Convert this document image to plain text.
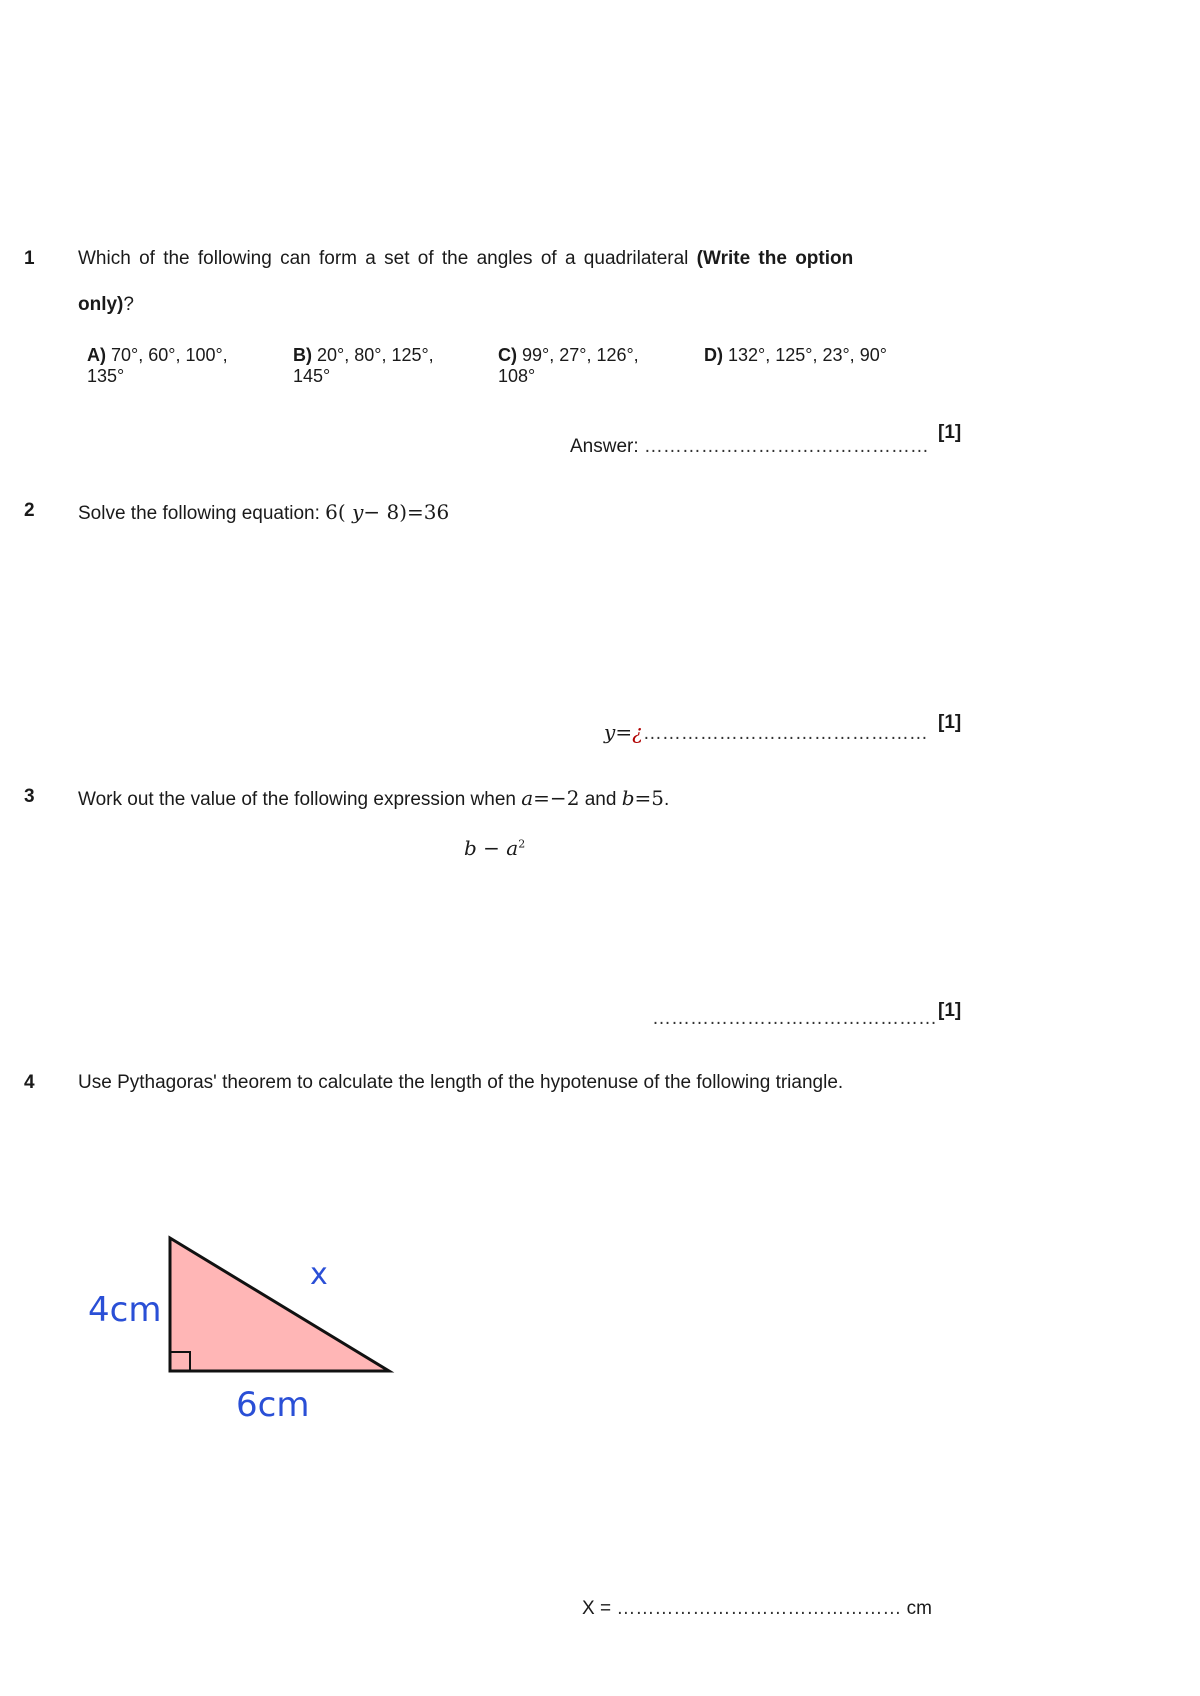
1 Which of the following can form a set of the angles of a quadrilateral (Write the option
only)?
A) 70°, 60°, 100°,
135°
B) 20°, 80°, 125°,
145°
C) 99°, 27°, 126°,
108°
D) 132°, 125°, 23°, 90°
[1]
Answer: ………………………………………
2 Solve the following equation: 6( y− 8)=36
[1]
y=¿………………………………………
3 Work out the value of the following expression when a=−2 and b=5.
$b - a^2$
[1]
………………………………………
4 Use Pythagoras' theorem to calculate the length of the hypotenuse of the following triangle.
4cm
6cm
x
X = ……………………………………… cm
